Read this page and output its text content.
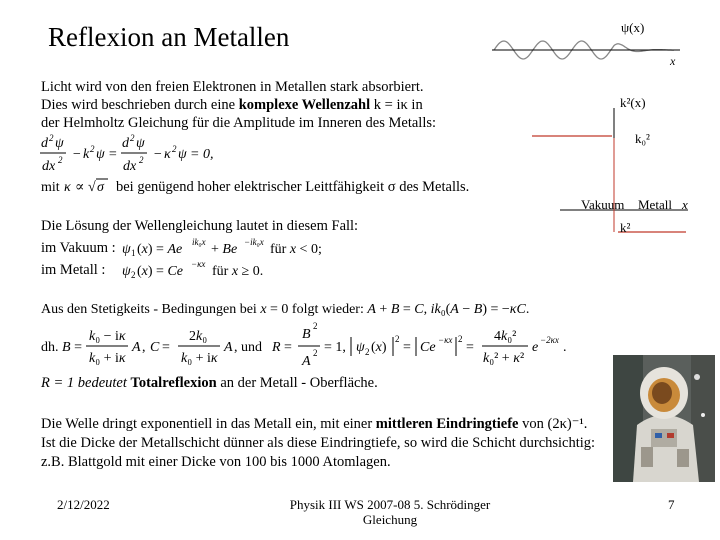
Reflexion an Metallen
Licht wird von den freien Elektronen in Metallen stark absorbiert.
Dies wird beschrieben durch eine komplexe Wellenzahl k = iκ in
der Helmholtz Gleichung für die Amplitude im Inneren des Metalls:
d 2 ψ
dx 2 − k 2 ψ =
d 2 ψ
dx 2 − κ 2 ψ = 0,
mit κ ∝ √ σ bei genügend hoher elektrischer Leittfähigkeit σ des Metalls.
Die Lösung der Wellengleichung lautet in diesem Fall:
im Vakuum : ψ 1 (x) = Ae ik₀x + Be −ik₀x für x < 0;
ψ 2 (x) = Ce −κx für x ≥ 0.
im Metall :
Aus den Stetigkeits - Bedingungen bei x = 0 folgt wieder: A + B = C, ik₀(A − B) = −κC.
dh. B =
k₀ − iκ
k₀ + iκ
A , C =
2k₀
k₀ + iκ
A , und R =
B
2
A
2 = 1, ψ 2 (x)
2
= Ce −κx 2
=
4k₀²
k₀² + κ²
e −2κx .
R = 1 bedeutet Totalreflexion an der Metall - Oberfläche.
Die Welle dringt exponentiell in das Metall ein, mit einer mittleren Eindringtiefe von (2κ)⁻¹.
Ist die Dicke der Metallschicht dünner als diese Eindringtiefe, so wird die Schicht durchsichtig:
z.B. Blattgold mit einer Dicke von 100 bis 1000 Atomlagen.
ψ(x)
x
k²(x)
k₀²
Vakuum Metall x
k²
2/12/2022	Physik III WS 2007-08 5. Schrödinger Gleichung
7
